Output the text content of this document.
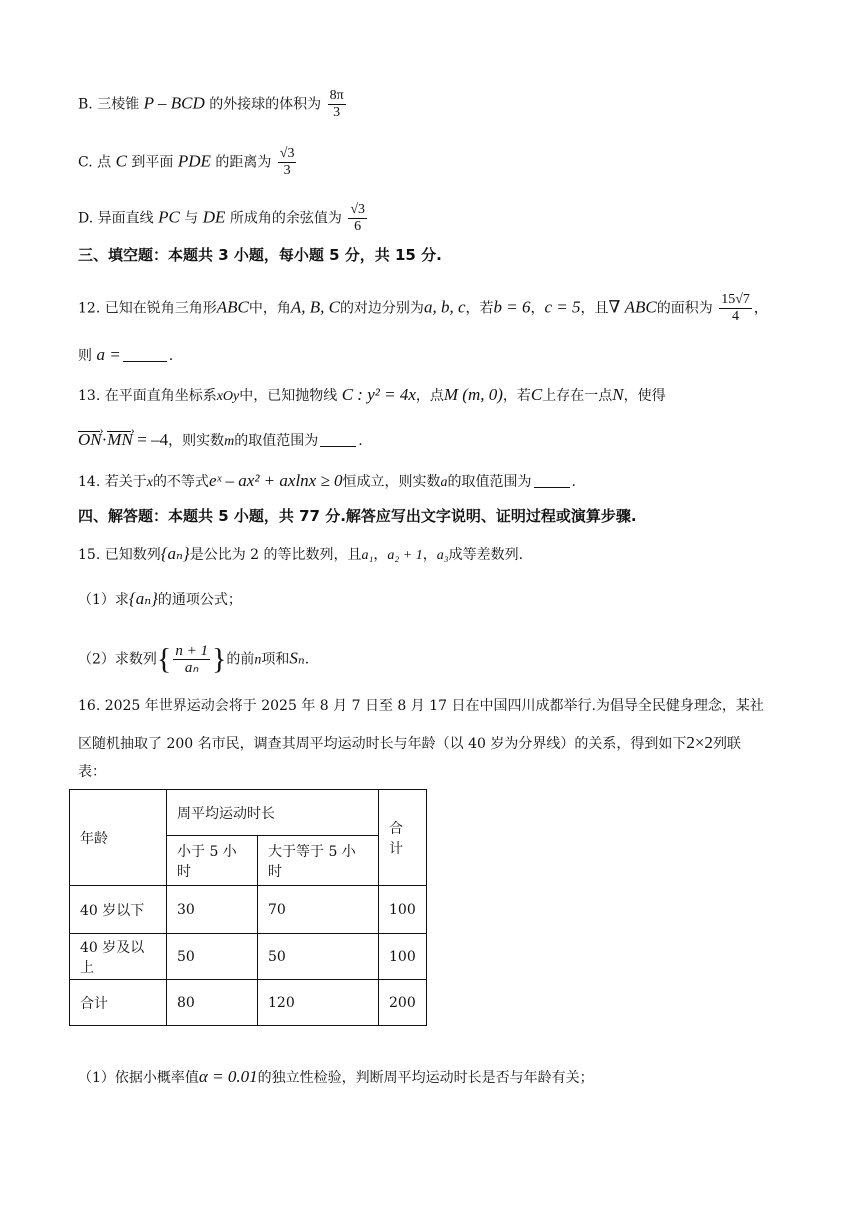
B. 三棱锥 P – BCD 的外接球的体积为 $\frac{8\pi}{3}$
C. 点 C 到平面 PDE 的距离为 $\frac{√3}{3}$
D. 异面直线 PC 与 DE 所成角的余弦值为 $\frac{√3}{6}$
三、填空题：本题共 3 小题，每小题 5 分，共 15 分.
12. 已知在锐角三角形ABC中，角A, B, C的对边分别为a, b, c，若b = 6，c = 5，且∇ ABC的面积为 $\frac{15√7}{4}$ ，
则 a =	.
13. 在平面直角坐标系xOy中，已知抛物线 C : y² = 4x，点M (m, 0)，若C上存在一点N，使得
ON ›·MN › = –4，则实数m的取值范围为	.
14. 若关于x的不等式eˣ – ax² + axlnx ≥ 0恒成立，则实数a的取值范围为	.
四、解答题：本题共 5 小题，共 77 分.解答应写出文字说明、证明过程或演算步骤.
15. 已知数列{aₙ}是公比为 2 的等比数列，且a₁，a₂ + 1，a₃成等差数列.
（1）求{aₙ}的通项公式；
（2）求数列{ $\frac{n + 1}{\text{aₙ}}$ }的前n项和Sₙ.
16. 2025 年世界运动会将于 2025 年 8 月 7 日至 8 月 17 日在中国四川成都举行.为倡导全民健身理念，某社
区随机抽取了 200 名市民，调查其周平均运动时长与年龄（以 40 岁为分界线）的关系，得到如下2×2列联
表：
年龄	周平均运动时长		合计
	小于 5 小时	大于等于 5 小时	
40 岁以下	30	70	100
40 岁及以上	50	50	100
合计	80	120	200
（1）依据小概率值α = 0.01的独立性检验，判断周平均运动时长是否与年龄有关；
